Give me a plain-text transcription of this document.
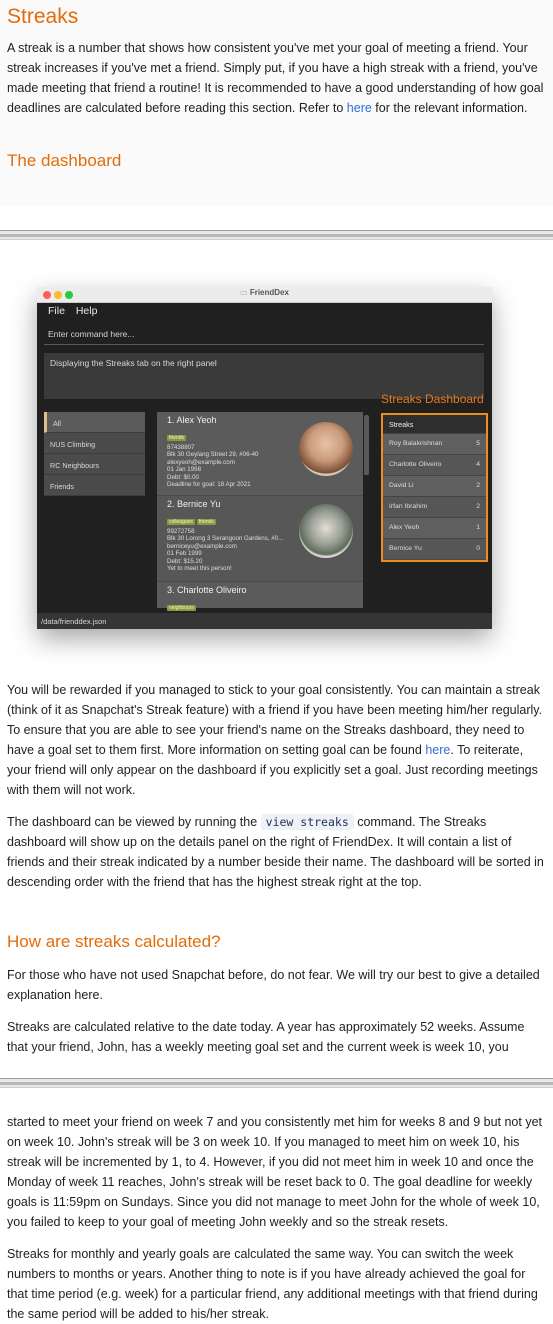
Streaks

A streak is a number that shows how consistent you've met your goal of meeting a friend. Your streak increases if you've met a friend. Simply put, if you have a high streak with a friend, you've made meeting that friend a routine! It is recommended to have a good understanding of how goal deadlines are calculated before reading this section. Refer to here for the relevant information.

The dashboard
▭ FriendDex
File Help
Enter command here...
Displaying the Streaks tab on the right panel
All
NUS Climbing
RC Neighbours
Friends
1. Alex Yeoh
friends
87438807
Blk 30 Geylang Street 29, #06-40
alexyeoh@example.com
01 Jan 1998
Debt: $0.00
Deadline for goal: 18 Apr 2021
2. Bernice Yu
colleagues friends
99272758
Blk 30 Lorong 3 Serangoon Gardens, #0...
berniceyu@example.com
01 Feb 1999
Debt: $15.20
Yet to meet this person!
3. Charlotte Oliveiro
neighbours
Streaks Dashboard
Streaks
Roy Balakrishnan	5
Charlotte Oliveiro	4
David Li	2
Irfan Ibrahim	2
Alex Yeoh	1
Bernice Yu	0
/data/frienddex.json

You will be rewarded if you managed to stick to your goal consistently. You can maintain a streak (think of it as Snapchat's Streak feature) with a friend if you have been meeting him/her regularly. To ensure that you are able to see your friend's name on the Streaks dashboard, they need to have a goal set to them first. More information on setting goal can be found here. To reiterate, your friend will only appear on the dashboard if you explicitly set a goal. Just recording meetings with them will not work.

The dashboard can be viewed by running the view streaks command. The Streaks dashboard will show up on the details panel on the right of FriendDex. It will contain a list of friends and their streak indicated by a number beside their name. The dashboard will be sorted in descending order with the friend that has the highest streak right at the top.

How are streaks calculated?

For those who have not used Snapchat before, do not fear. We will try our best to give a detailed explanation here.

Streaks are calculated relative to the date today. A year has approximately 52 weeks. Assume that your friend, John, has a weekly meeting goal set and the current week is week 10, you

started to meet your friend on week 7 and you consistently met him for weeks 8 and 9 but not yet on week 10. John's streak will be 3 on week 10. If you managed to meet him on week 10, his streak will be incremented by 1, to 4. However, if you did not meet him in week 10 and once the Monday of week 11 reaches, John's streak will be reset back to 0. The goal deadline for weekly goals is 11:59pm on Sundays. Since you did not manage to meet John for the whole of week 10, you failed to keep to your goal of meeting John weekly and so the streak resets.

Streaks for monthly and yearly goals are calculated the same way. You can switch the week numbers to months or years. Another thing to note is if you have already achieved the goal for that time period (e.g. week) for a particular friend, any additional meetings with that friend during the same period will be added to his/her streak.
